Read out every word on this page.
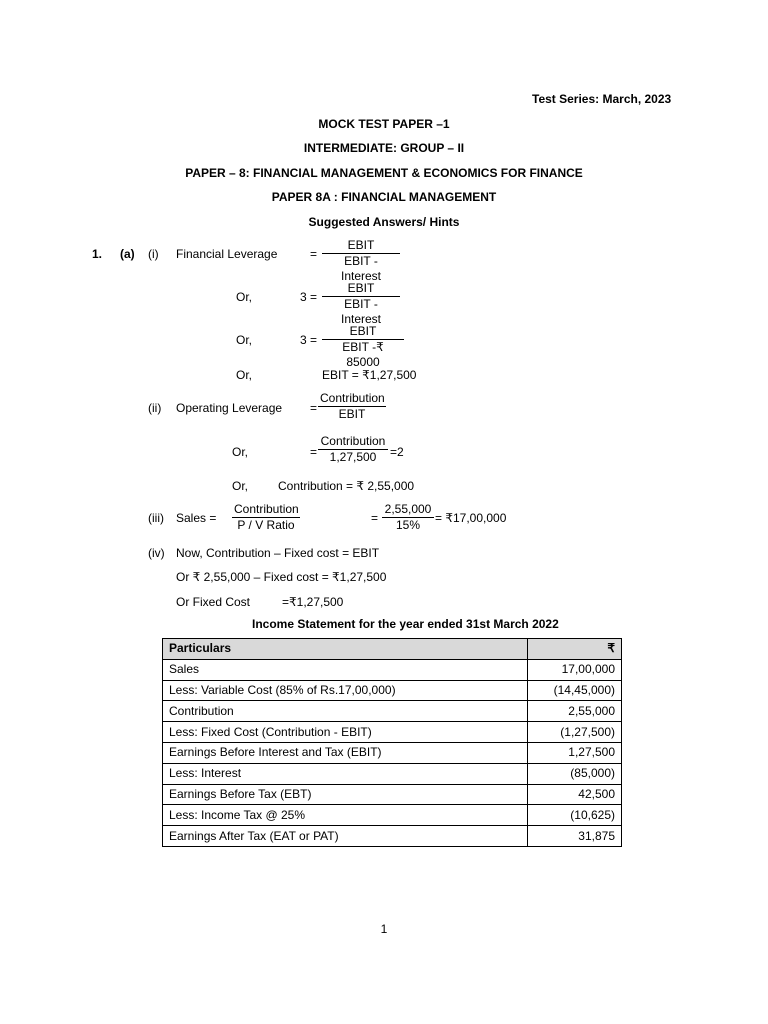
Test Series: March, 2023
MOCK TEST PAPER –1
INTERMEDIATE: GROUP – II
PAPER – 8: FINANCIAL MANAGEMENT & ECONOMICS FOR FINANCE
PAPER 8A : FINANCIAL MANAGEMENT
Suggested Answers/ Hints
1. (a) (i) Financial Leverage	=
EBIT
EBIT - Interest
Or,	3 =
EBIT
EBIT - Interest
Or,	3 =
EBIT
EBIT -₹ 85000
Or,	EBIT = ₹1,27,500
(ii) Operating Leverage =
Contribution
EBIT
Or,	=
Contribution
1,27,500	=2
Or, Contribution = ₹ 2,55,000
(iii) Sales =
Contribution
P / V Ratio	= $\frac{2,55,000}{15\%}$ = ₹17,00,000
(iv) Now, Contribution – Fixed cost = EBIT
Or ₹ 2,55,000 – Fixed cost = ₹1,27,500
Or Fixed Cost	=₹1,27,500
Income Statement for the year ended 31st March 2022
Particulars	₹
Sales	17,00,000
Less: Variable Cost (85% of Rs.17,00,000)	(14,45,000)
Contribution	2,55,000
Less: Fixed Cost (Contribution - EBIT)	(1,27,500)
Earnings Before Interest and Tax (EBIT)	1,27,500
Less: Interest	(85,000)
Earnings Before Tax (EBT)	42,500
Less: Income Tax @ 25%	(10,625)
Earnings After Tax (EAT or PAT)	31,875
1
